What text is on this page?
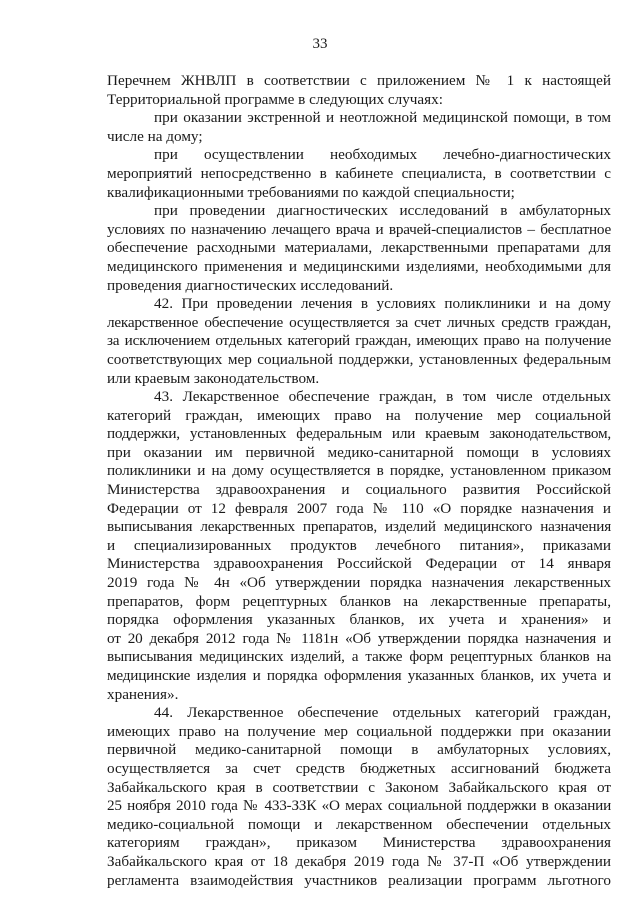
33
Перечнем ЖНВЛП в соответствии с приложением № 1 к настоящей
Территориальной программе в следующих случаях:
при оказании экстренной и неотложной медицинской помощи, в том
числе на дому;
при осуществлении необходимых лечебно-диагностических
мероприятий непосредственно в кабинете специалиста, в соответствии с
квалификационными требованиями по каждой специальности;
при проведении диагностических исследований в амбулаторных
условиях по назначению лечащего врача и врачей-специалистов – бесплатное
обеспечение расходными материалами, лекарственными препаратами для
медицинского применения и медицинскими изделиями, необходимыми для
проведения диагностических исследований.
42. При проведении лечения в условиях поликлиники и на дому
лекарственное обеспечение осуществляется за счет личных средств граждан,
за исключением отдельных категорий граждан, имеющих право на получение
соответствующих мер социальной поддержки, установленных федеральным
или краевым законодательством.
43. Лекарственное обеспечение граждан, в том числе отдельных
категорий граждан, имеющих право на получение мер социальной
поддержки, установленных федеральным или краевым законодательством,
при оказании им первичной медико-санитарной помощи в условиях
поликлиники и на дому осуществляется в порядке, установленном приказом
Министерства здравоохранения и социального развития Российской
Федерации от 12 февраля 2007 года № 110 «О порядке назначения и
выписывания лекарственных препаратов, изделий медицинского назначения
и специализированных продуктов лечебного питания», приказами
Министерства здравоохранения Российской Федерации от 14 января
2019 года № 4н «Об утверждении порядка назначения лекарственных
препаратов, форм рецептурных бланков на лекарственные препараты,
порядка оформления указанных бланков, их учета и хранения» и
от 20 декабря 2012 года № 1181н «Об утверждении порядка назначения и
выписывания медицинских изделий, а также форм рецептурных бланков на
медицинские изделия и порядка оформления указанных бланков, их учета и
хранения».
44. Лекарственное обеспечение отдельных категорий граждан,
имеющих право на получение мер социальной поддержки при оказании
первичной медико-санитарной помощи в амбулаторных условиях,
осуществляется за счет средств бюджетных ассигнований бюджета
Забайкальского края в соответствии с Законом Забайкальского края от
25 ноября 2010 года № 433-ЗЗК «О мерах социальной поддержки в оказании
медико-социальной помощи и лекарственном обеспечении отдельных
категориям граждан», приказом Министерства здравоохранения
Забайкальского края от 18 декабря 2019 года № 37-П «Об утверждении
регламента взаимодействия участников реализации программ льготного
